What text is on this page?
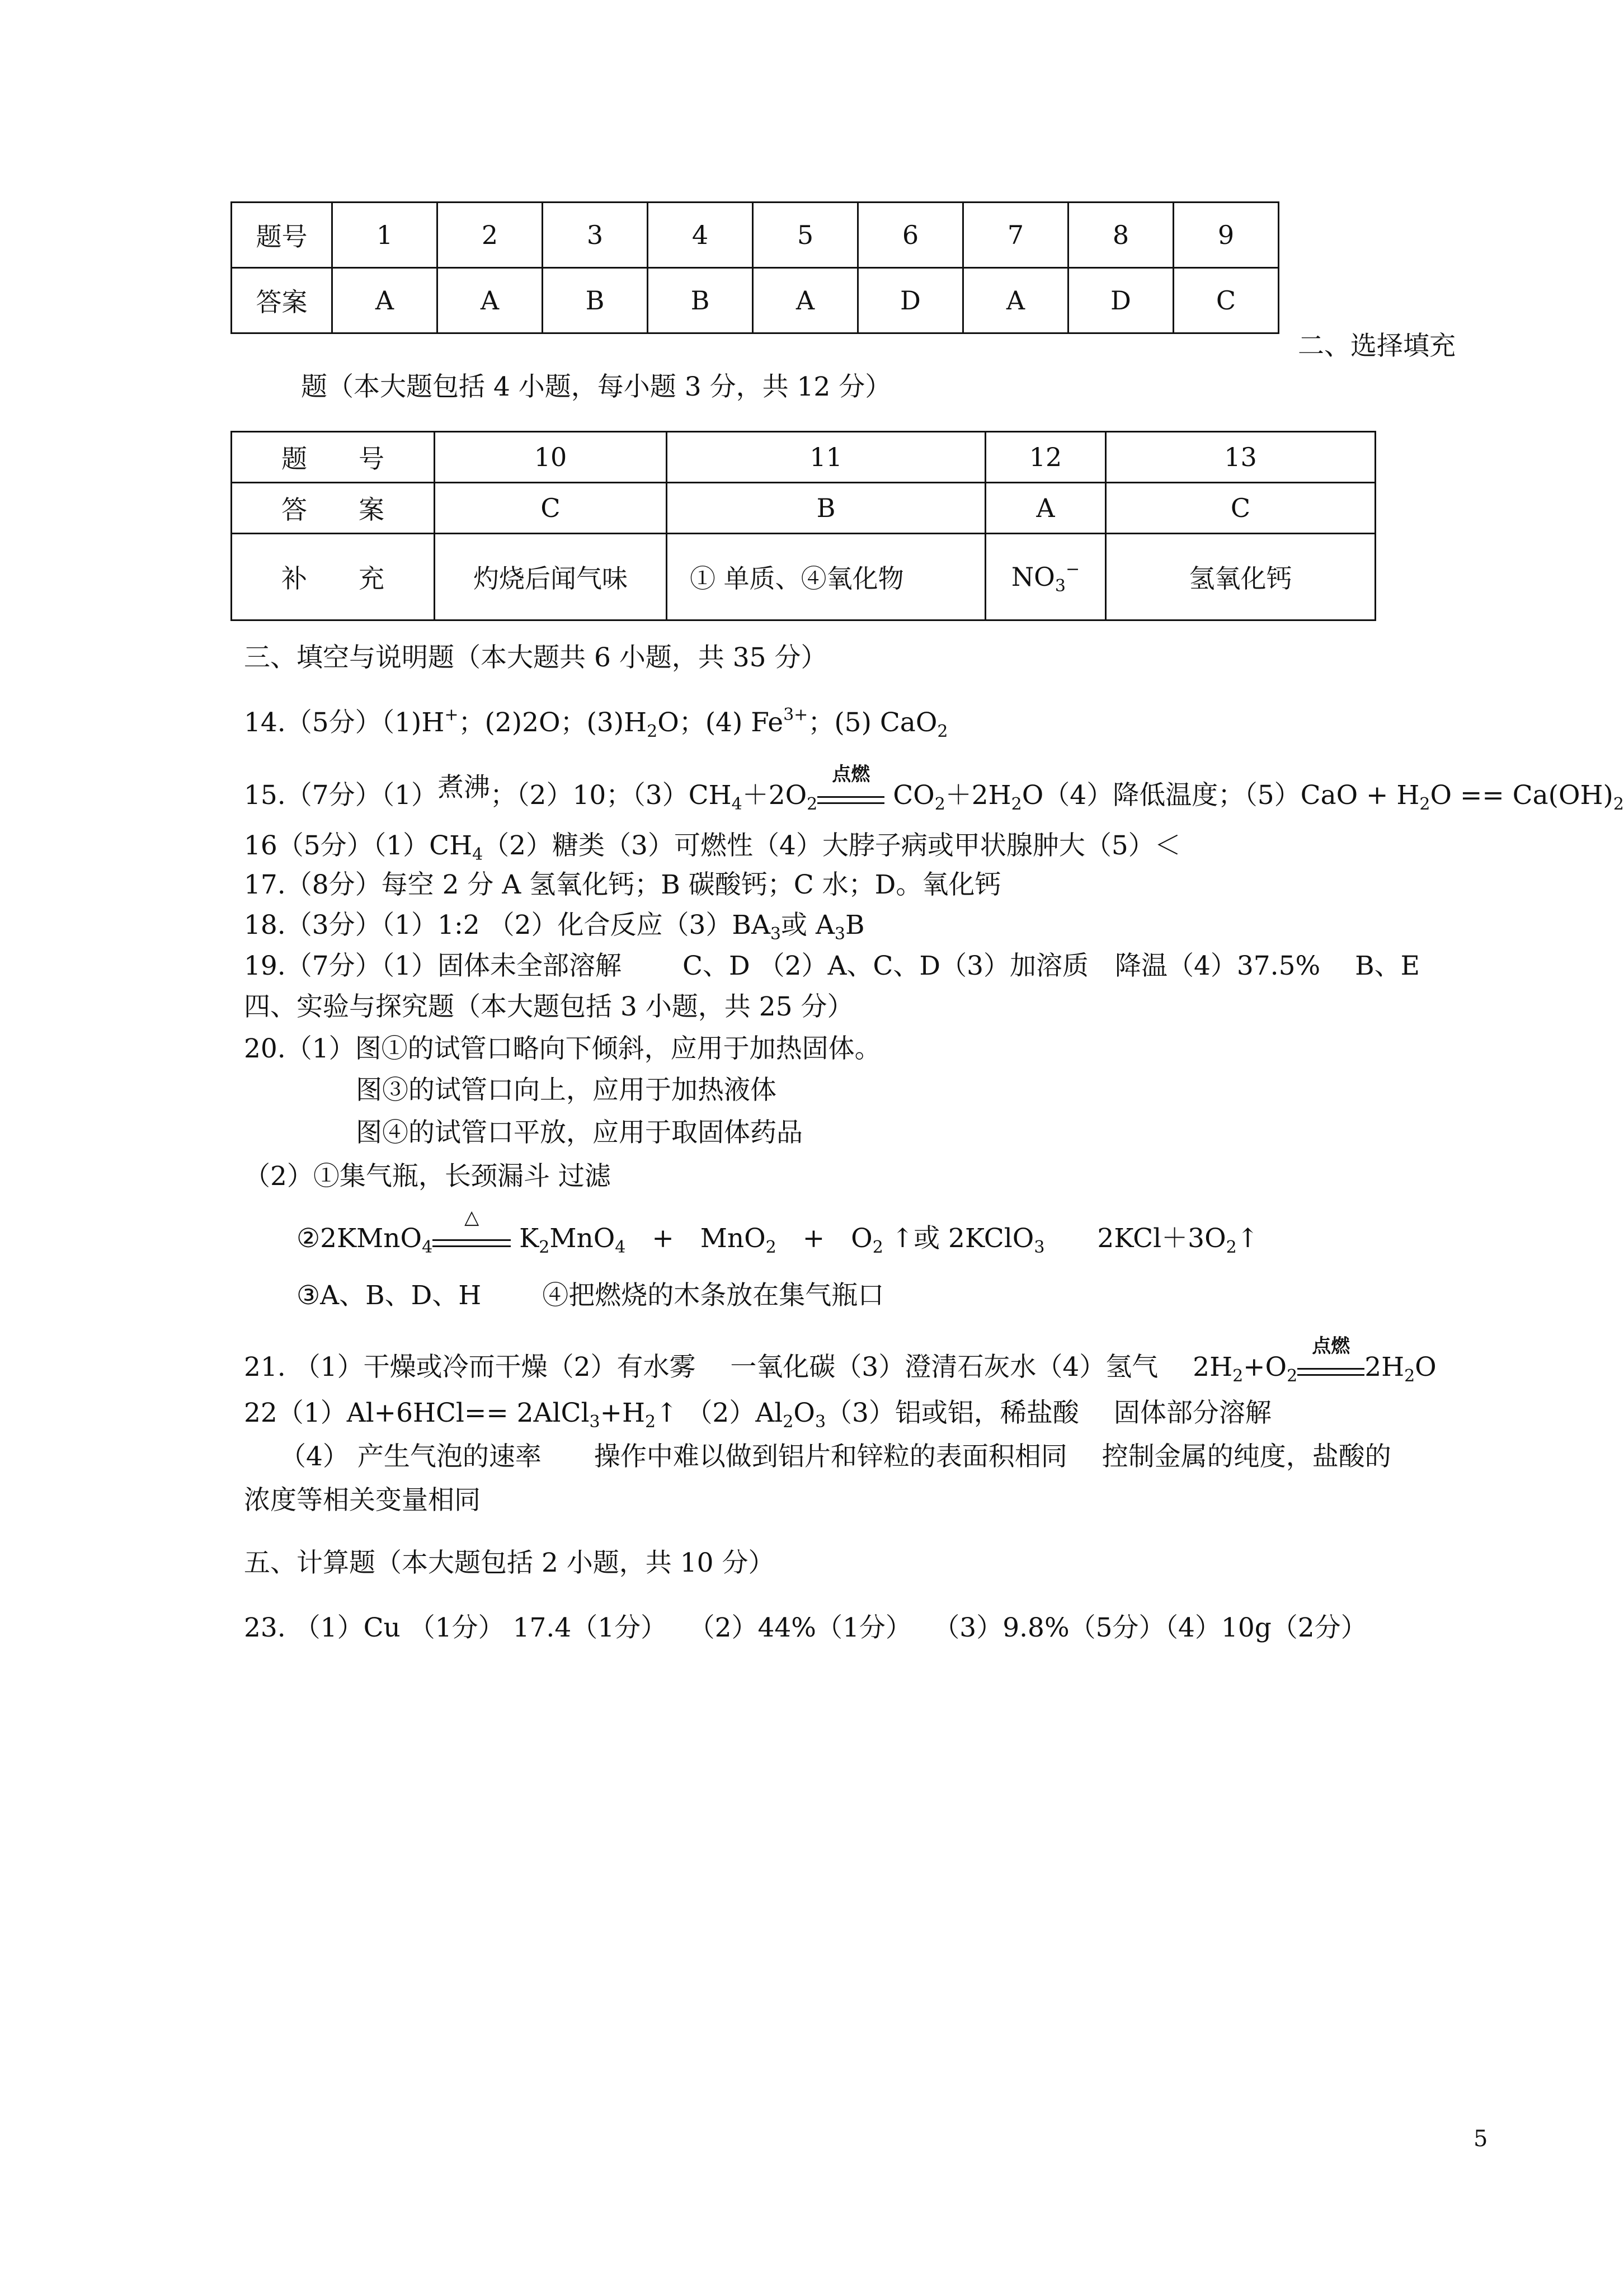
题号	1	2	3	4	5	6	7	8	9
答案	A	A	B	B	A	D	A	D	C
二、选择填充
题（本大题包括 4 小题，每小题 3 分，共 12 分）
题　　号	10	11	12	13
答　　案	C	B	A	C
补　　充	灼烧后闻气味	① 单质、④氧化物	$NO_3^-$	氢氧化钙
三、填空与说明题（本大题共 6 小题，共 35 分）
14.（5分）（1)H+；(2)2O；$(3)H_2O$；(4) $Fe^{3+}$；(5) CaO$_2$
15.（7分）（1）煮沸；（2）10；$(3)CH_4+2O_2$
点燃
$CO_2+2H_2O(4)$降低温度；$(5)CaO + H_2O == Ca(OH)_2$
16（5分）$(1)CH_4(2)$糖类（3）可燃性（4）大脖子病或甲状腺肿大（5）＜
17.（8分）每空 2 分 A 氢氧化钙；B 碳酸钙；C 水；D。氧化钙
18.（3分）（1）1:2 （2）化合反应$(3)BA_3$或 $A_3B$
19.（7分）（1）固体未全部溶解　　 C、D （2）A、C、D（3）加溶质　降温（4）37.5%　 B、E
四、实验与探究题（本大题包括 3 小题，共 25 分）
20.（1）图①的试管口略向下倾斜，应用于加热固体。
图③的试管口向上，应用于加热液体
图④的试管口平放，应用于取固体药品
（2）①集气瓶，长颈漏斗 过滤
②2KMnO$_4$
△
$K_2MnO_4$　+　MnO$_2$　+　$O_2$ ↑或 2KClO$_3$　　$2KCl+3O_2↑$
③A、B、D、H　　 ④把燃烧的木条放在集气瓶口
21. （1）干燥或冷而干燥（2）有水雾　 一氧化碳（3）澄清石灰水（4）氢气　 $2H_2+O_2$
点燃
$2H_2O$
$22(1)Al+6HCl== 2AlCl_3+H_2↑$ $(2)Al_2O_3(3)$铝或铝，稀盐酸　 固体部分溶解
（4） 产生气泡的速率　　操作中难以做到铝片和锌粒的表面积相同　 控制金属的纯度，盐酸的
浓度等相关变量相同
五、计算题（本大题包括 2 小题，共 10 分）
23. （1）Cu （1分） 17.4（1分）　 （2）44%（1分）　 （3）9.8%（5分）（4）10g（2分）
5
